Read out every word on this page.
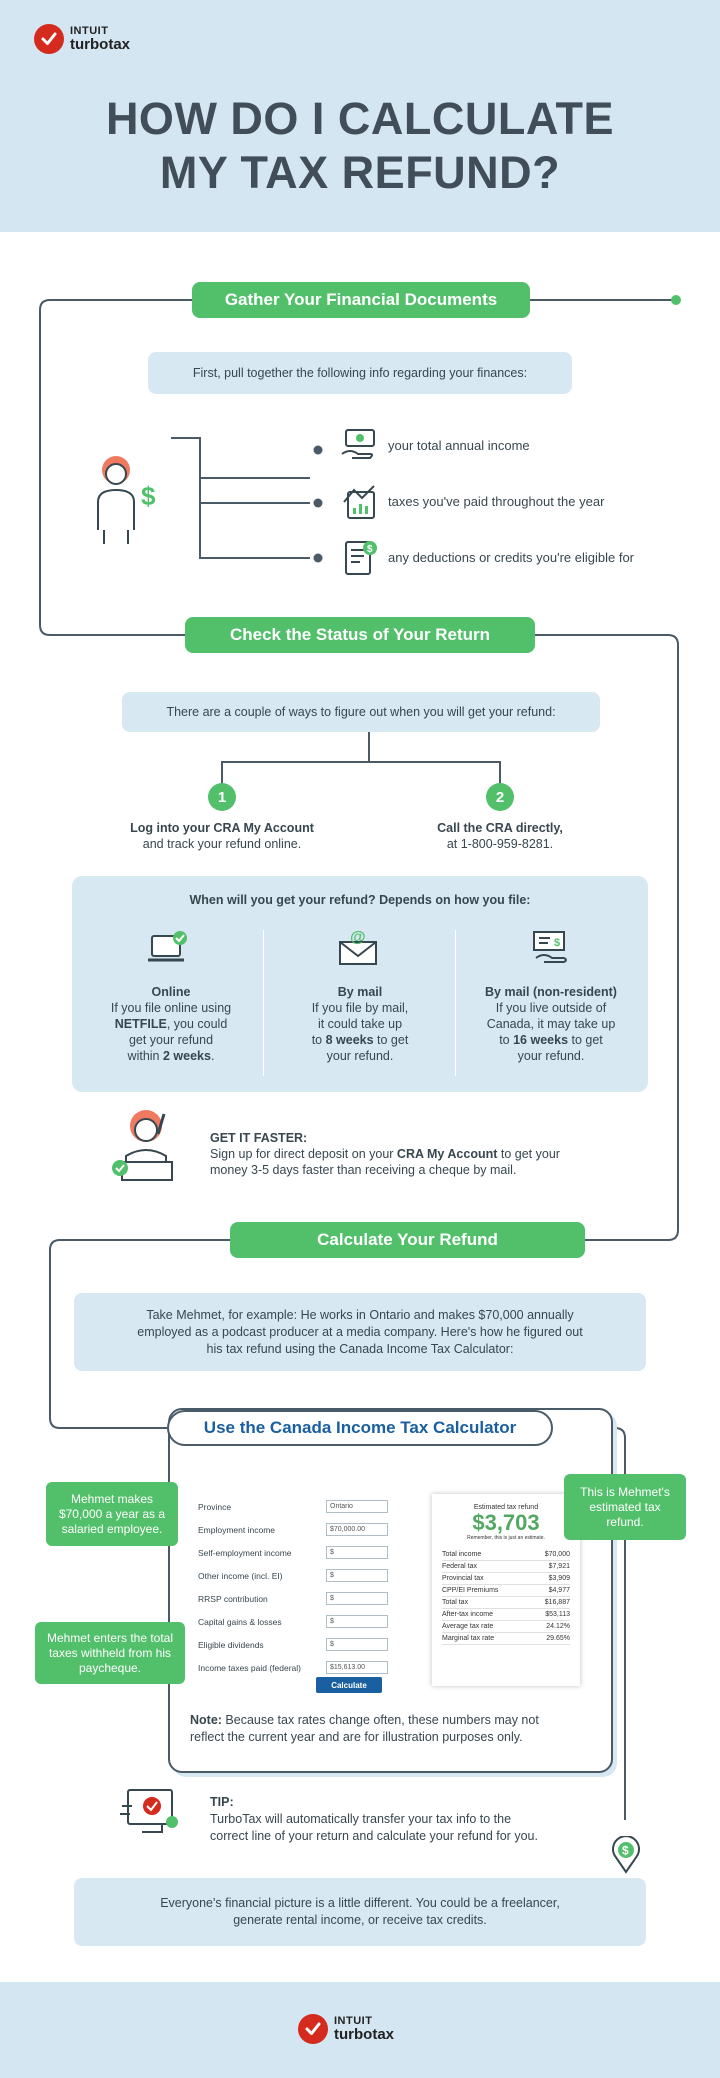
INTUIT
turbotax
HOW DO I CALCULATE
MY TAX REFUND?
Gather Your Financial Documents
First, pull together the following info regarding your finances:
$
your total annual income
taxes you've paid throughout the year
$
any deductions or credits you're eligible for
Check the Status of Your Return
There are a couple of ways to figure out when you will get your refund:
1	2
Log into your CRA My Account
and track your refund online.
Call the CRA directly,
at 1-800-959-8281.
When will you get your refund? Depends on how you file:
@	$
Online
If you file online using
NETFILE, you could
get your refund
within 2 weeks.
By mail
If you file by mail,
it could take up
to 8 weeks to get
your refund.
By mail (non-resident)
If you live outside of
Canada, it may take up
to 16 weeks to get
your refund.
GET IT FASTER:
Sign up for direct deposit on your CRA My Account to get your
money 3-5 days faster than receiving a cheque by mail.
Calculate Your Refund
Take Mehmet, for example: He works in Ontario and makes $70,000 annually
employed as a podcast producer at a media company. Here's how he figured out
his tax refund using the Canada Income Tax Calculator:
Use the Canada Income Tax Calculator
Province	Ontario
Employment income	$70,000.00
Self-employment income	$
Other income (incl. EI)	$
RRSP contribution	$
Capital gains & losses	$
Eligible dividends	$
Income taxes paid (federal)	$15,613.00
Calculate
Estimated tax refund
$3,703
Remember, this is just an estimate.
Total income	$70,000
Federal tax	$7,921
Provincial tax	$3,909
CPP/EI Premiums	$4,977
Total tax	$16,887
After-tax income	$53,113
Average tax rate	24.12%
Marginal tax rate	29.65%
Mehmet makes $70,000 a year as a salaried employee.
Mehmet enters the total taxes withheld from his paycheque.
This is Mehmet's estimated tax refund.
Note: Because tax rates change often, these numbers may not
reflect the current year and are for illustration purposes only.
TIP:
TurboTax will automatically transfer your tax info to the
correct line of your return and calculate your refund for you.
$
Everyone's financial picture is a little different. You could be a freelancer,
generate rental income, or receive tax credits.
INTUIT
turbotax
